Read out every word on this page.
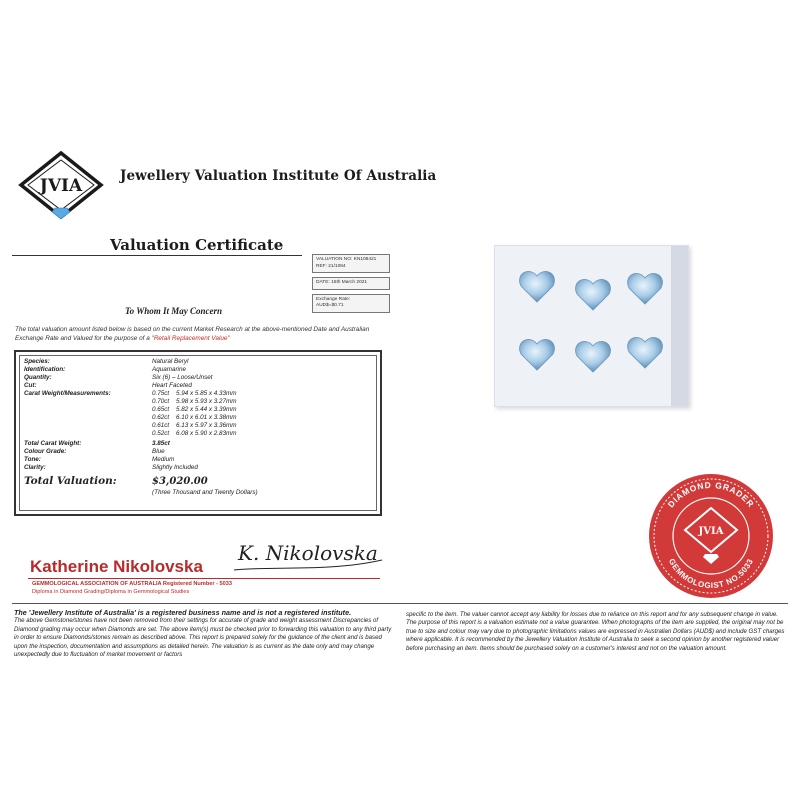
JVIA	Jewellery Valuation Institute Of Australia
Valuation Certificate
VALUATION NO: KN108421
REF: 21/1084
DATE: 15th March 2021
Exchange Rate:
AUD$=$0.71
To Whom It May Concern
The total valuation amount listed below is based on the current Market Research at the above-mentioned Date and Australian Exchange Rate and Valued for the purpose of a "Retail Replacement Value"
Species:	Natural Beryl
Identification:	Aquamarine
Quantity:	Six (6) – Loose/Unset
Cut:	Heart Faceted
Carat Weight/Measurements:	0.75ct 5.94 x 5.85 x 4.33mm
0.70ct 5.98 x 5.93 x 3.27mm
0.65ct 5.82 x 5.44 x 3.39mm
0.62ct 6.10 x 6.01 x 3.38mm
0.61ct 6.13 x 5.97 x 3.36mm
0.52ct 6.08 x 5.90 x 2.83mm
Total Carat Weight:	3.85ct
Colour Grade:	Blue
Tone:	Medium
Clarity:	Slightly Included
Total Valuation:	$3,020.00
(Three Thousand and Twenty Dollars)
DIAMOND GRADER
GEMMOLOGIST NO.5033
JVIA
Katherine Nikolovska
K. Nikolovska
GEMMOLOGICAL ASSOCIATION OF AUSTRALIA Registered Number - 5033
Diploma in Diamond Grading/Diploma in Gemmological Studies
The 'Jewellery Institute of Australia' is a registered business name and is not a registered institute.
The above Gemstone/stones have not been removed from their settings for accurate of grade and weight assessment Discrepancies of Diamond grading may occur when Diamonds are set. The above item(s) must be checked prior to forwarding this valuation to any third party in order to ensure Diamonds/stones remain as described above. This report is prepared solely for the guidance of the client and is based upon the inspection, documentation and assumptions as detailed herein. The valuation is as current as the date only and may change unexpectedly due to fluctuation of market movement or factors
specific to the item. The valuer cannot accept any liability for losses due to reliance on this report and for any subsequent change in value. The purpose of this report is a valuation estimate not a value guarantee. When photographs of the item are supplied, the original may not be true to size and colour may vary due to photographic limitations values are expressed in Australian Dollars (AUD$) and include GST charges where applicable. It is recommended by the Jewellery Valuation Institute of Australia to seek a second opinion by another registered valuer before purchasing an item. Items should be purchased solely on a customer's interest and not on the valuation amount.
